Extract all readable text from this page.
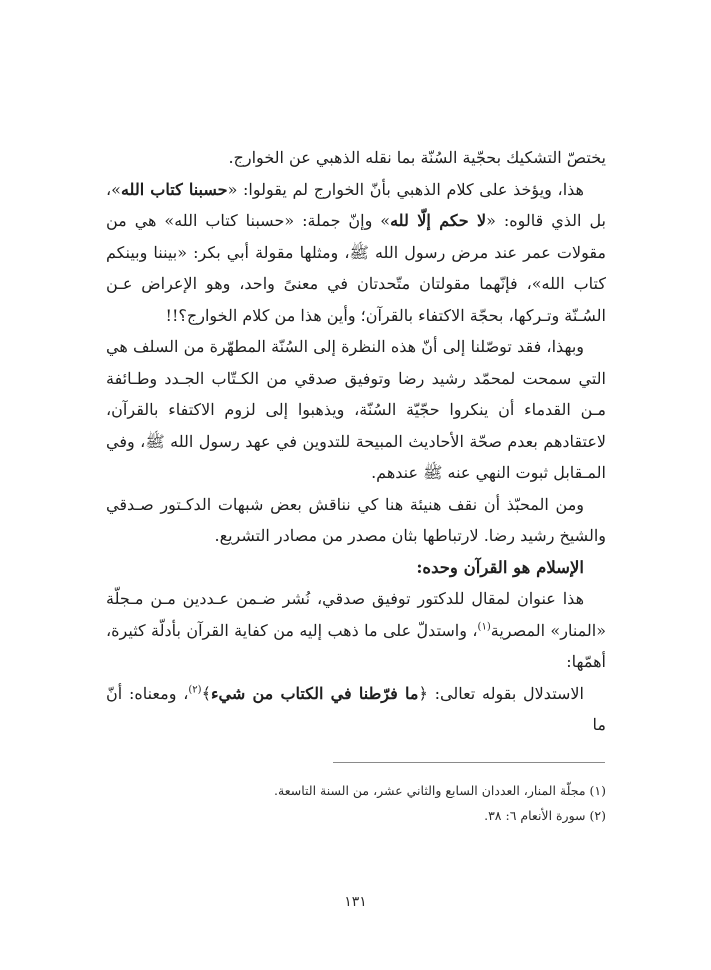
يختصّ التشكيك بحجّية السُنّة بما نقله الذهبي عن الخوارج.

هذا، ويؤخذ على كلام الذهبي بأنّ الخوارج لم يقولوا: «حسبنا كتاب الله»، بل الذي قالوه: «لا حكم إلّا لله» وإنّ جملة: «حسبنا كتاب الله» هي من مقولات عمر عند مرض رسول الله ﷺ، ومثلها مقولة أبي بكر: «بيننا وبينكم كتاب الله»، فإنّهما مقولتان متّحدتان في معنىً واحد، وهو الإعراض عـن السُـنّة وتـركها، بحجّة الاكتفاء بالقرآن؛ وأين هذا من كلام الخوارج؟!!

وبهذا، فقد توصّلنا إلى أنّ هذه النظرة إلى السُنّة المطهّرة من السلف هي التي سمحت لمحمّد رشيد رضا وتوفيق صدقي من الكـتّاب الجـدد وطـائفة مـن القدماء أن ينكروا حجّيّة السُنّة، ويذهبوا إلى لزوم الاكتفاء بالقرآن، لاعتقادهم بعدم صحّة الأحاديث المبيحة للتدوين في عهد رسول الله ﷺ، وفي المـقابل ثبوت النهي عنه ﷺ عندهم.

ومن المحبّذ أن نقف هنيئة هنا كي نناقش بعض شبهات الدكـتور صـدقي والشيخ رشيد رضا. لارتباطها بثان مصدر من مصادر التشريع.

الإسلام هو القرآن وحده:

هذا عنوان لمقال للدكتور توفيق صدقي، نُشر ضـمن عـددين مـن مـجلّة «المنار» المصرية$^{(١)}$، واستدلّ على ما ذهب إليه من كفاية القرآن بأدلّة كثيرة، أهمّها:

الاستدلال بقوله تعالى: ﴿ما فرّطنا في الكتاب من شيء﴾$^{(٢)}$، ومعناه: أنّ ما

(١) مجلّة المنار، العددان السابع والثاني عشر، من السنة التاسعة.

(٢) سورة الأنعام ٦: ٣٨.

١٣١
